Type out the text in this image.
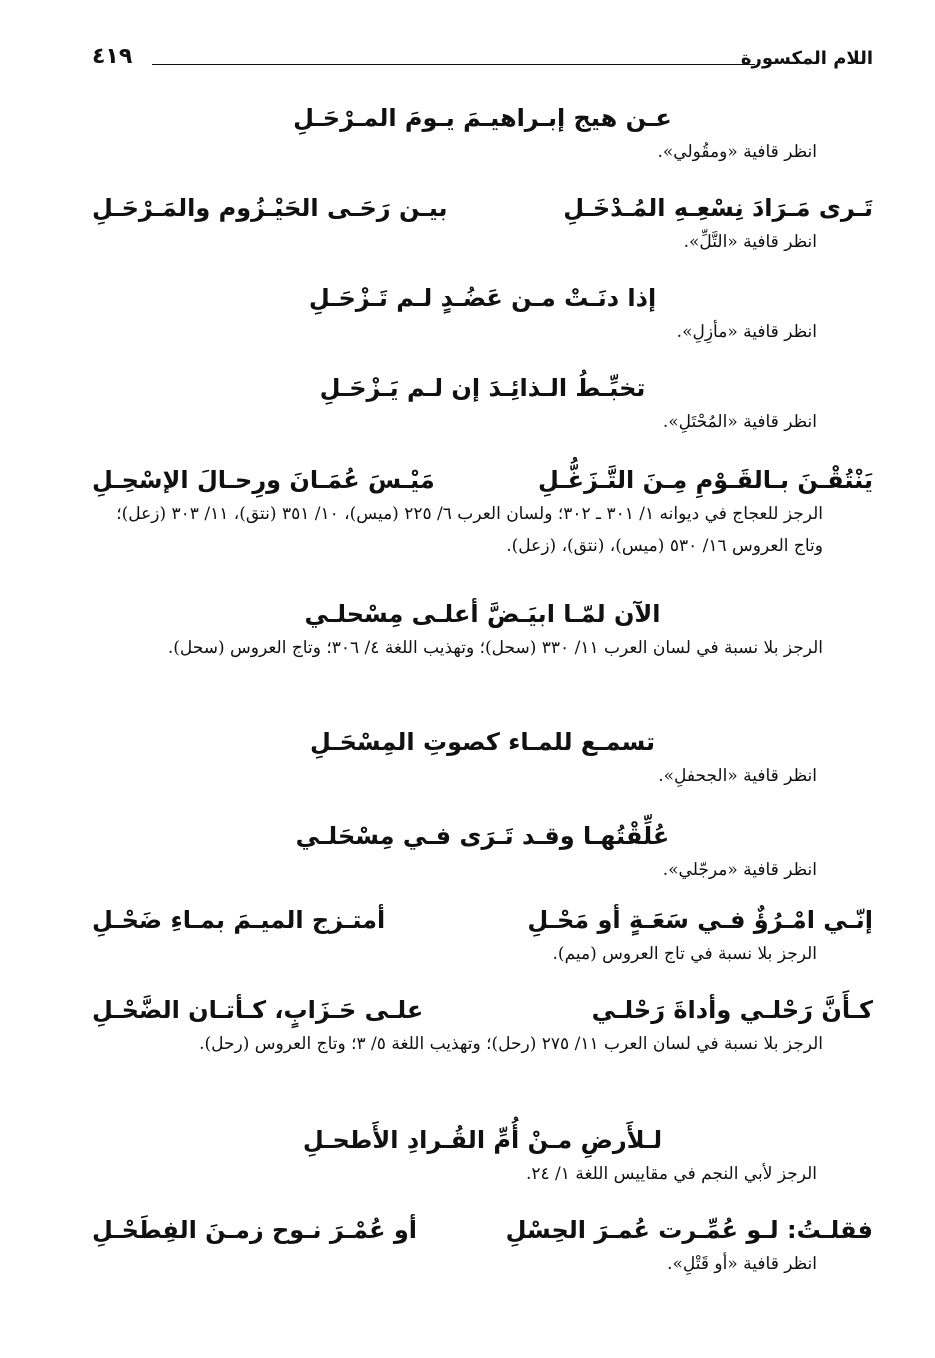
اللام المكسورة
٤١٩
عـن هيج إبـراهيـمَ يـومَ المـرْحَـلِ
انظر قافية «ومقُولي».
تَـرى مَـرَادَ نِسْعِـهِ المُـدْخَـلِ
بيـن رَحَـى الحَيْـزُوم والمَـرْحَـلِ
انظر قافية «التَّلِّ».
إذا دنَـتْ مـن عَضُـدٍ لـم تَـزْحَـلِ
انظر قافية «مأزِلِ».
تخبِّـطُ الـذائِـدَ إن لـم يَـزْحَـلِ
انظر قافية «المُحْتَلِ».
يَنْتُقْـنَ بـالقَـوْمِ مِـنَ التَّـزَغُّـلِ
مَيْـسَ عُمَـانَ ورِحـالَ الإسْحِـلِ
الرجز للعجاج في ديوانه ١/ ٣٠١ ـ ٣٠٢؛ ولسان العرب ٦/ ٢٢٥ (ميس)، ١٠/ ٣٥١ (نتق)، ١١/ ٣٠٣ (زعل)؛ وتاج العروس ١٦/ ٥٣٠ (ميس)، (نتق)، (زعل).
الآن لمّـا ابيَـضَّ أعلـى مِسْحلـي
الرجز بلا نسبة في لسان العرب ١١/ ٣٣٠ (سحل)؛ وتهذيب اللغة ٤/ ٣٠٦؛ وتاج العروس (سحل).
تسمـع للمـاء كصوتِ المِسْحَـلِ
انظر قافية «الجحفلِ».
عُلِّقْتُهـا وقـد تَـرَى فـي مِسْحَلـي
انظر قافية «مرجّلي».
إنّـي امْـرُؤٌ فـي سَعَـةٍ أو مَحْـلِ
أمتـزج الميـمَ بمـاءِ ضَحْـلِ
الرجز بلا نسبة في تاج العروس (ميم).
كـأَنَّ رَحْلـي وأداةَ رَحْلـي
علـى حَـزَابٍ، كـأتـان الضَّحْـلِ
الرجز بلا نسبة في لسان العرب ١١/ ٢٧٥ (رحل)؛ وتهذيب اللغة ٥/ ٣؛ وتاج العروس (رحل).
لـلأَرضِ مـنْ أُمِّ القُـرادِ الأَطحـلِ
الرجز لأبي النجم في مقاييس اللغة ١/ ٢٤.
فقلـتُ: لـو عُمِّـرت عُمـرَ الحِسْلِ
أو عُمْـرَ نـوح زمـنَ الفِطَحْـلِ
انظر قافية «أو قَتْلِ».
